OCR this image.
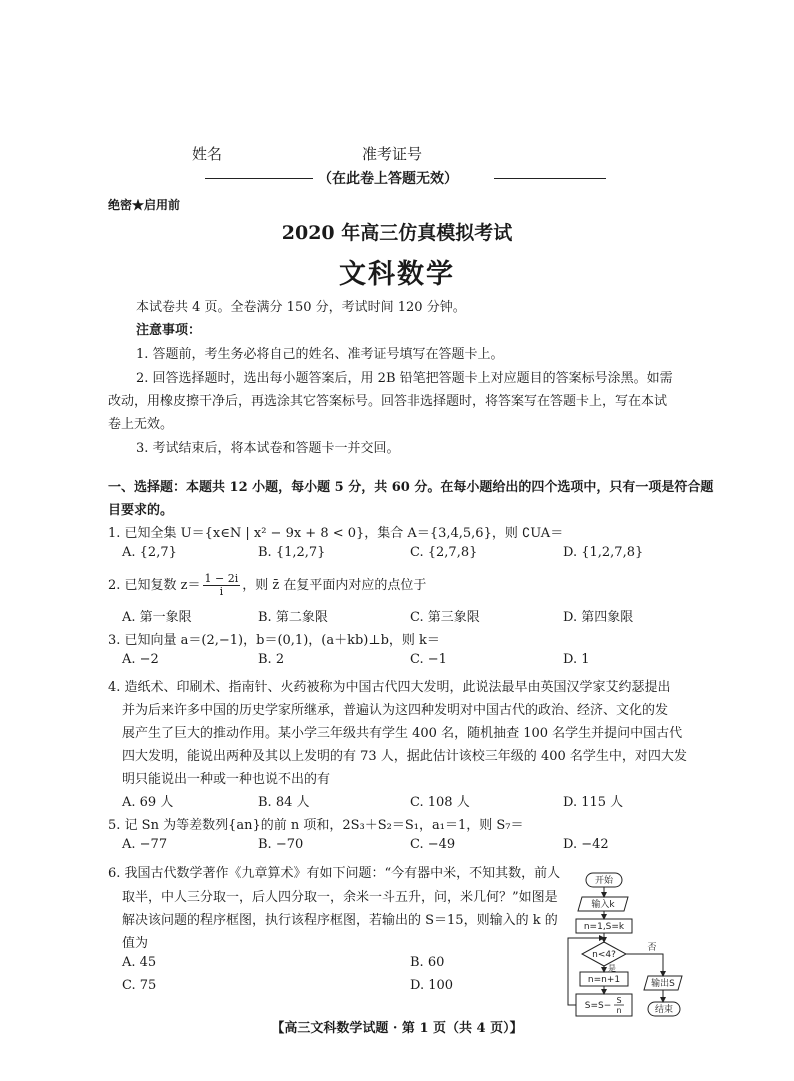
姓名	准考证号
（在此卷上答题无效）
绝密★启用前
2020 年高三仿真模拟考试
文科数学
本试卷共 4 页。全卷满分 150 分，考试时间 120 分钟。
注意事项：
1. 答题前，考生务必将自己的姓名、准考证号填写在答题卡上。
2. 回答选择题时，选出每小题答案后，用 2B 铅笔把答题卡上对应题目的答案标号涂黑。如需
改动，用橡皮擦干净后，再选涂其它答案标号。回答非选择题时，将答案写在答题卡上，写在本试
卷上无效。
3. 考试结束后，将本试卷和答题卡一并交回。
一、选择题：本题共 12 小题，每小题 5 分，共 60 分。在每小题给出的四个选项中，只有一项是符合题
目要求的。
1. 已知全集 U＝{x∈N | x² − 9x + 8 < 0}，集合 A＝{3,4,5,6}，则 ∁UA＝
A. {2,7}	B. {1,2,7}	C. {2,7,8}	D. {1,2,7,8}
2. 已知复数 $z= \frac{1 - 2i}{i}$ ，则 z̄ 在复平面内对应的点位于
A. 第一象限	B. 第二象限	C. 第三象限	D. 第四象限
3. 已知向量 a＝(2,−1)，b＝(0,1)，(a＋kb)⊥b，则 k＝
A. −2	B. 2	C. −1	D. 1
4. 造纸术、印刷术、指南针、火药被称为中国古代四大发明，此说法最早由英国汉学家艾约瑟提出
并为后来许多中国的历史学家所继承，普遍认为这四种发明对中国古代的政治、经济、文化的发
展产生了巨大的推动作用。某小学三年级共有学生 400 名，随机抽查 100 名学生并提问中国古代
四大发明，能说出两种及其以上发明的有 73 人，据此估计该校三年级的 400 名学生中，对四大发
明只能说出一种或一种也说不出的有
A. 69 人	B. 84 人	C. 108 人	D. 115 人
5. 记 Sn 为等差数列{an}的前 n 项和，2S₃＋S₂＝S₁，a₁＝1，则 S₇＝
A. −77	B. −70	C. −49	D. −42
6. 我国古代数学著作《九章算术》有如下问题：“今有器中米，不知其数，前人
取半，中人三分取一，后人四分取一，余米一斗五升，问，米几何？”如图是
解决该问题的程序框图，执行该程序框图，若输出的 S＝15，则输入的 k 的
值为
A. 45	B. 60
C. 75	D. 100
开始
输入k
n=1,S=k
n<4?
否
是
n=n+1
S=S−
S
n
输出S
结束
【高三文科数学试题 · 第 1 页（共 4 页）】
